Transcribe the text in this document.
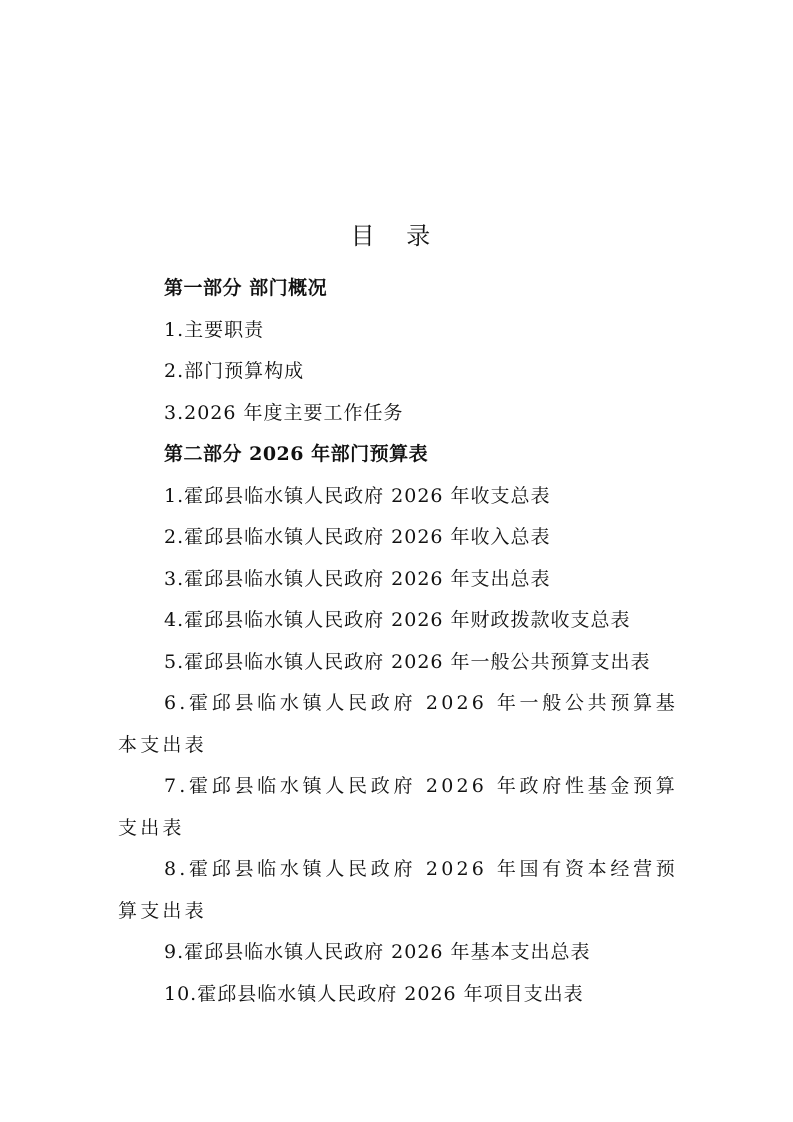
目 录
第一部分 部门概况
1.主要职责
2.部门预算构成
3.2026 年度主要工作任务
第二部分 2026 年部门预算表
1.霍邱县临水镇人民政府 2026 年收支总表
2.霍邱县临水镇人民政府 2026 年收入总表
3.霍邱县临水镇人民政府 2026 年支出总表
4.霍邱县临水镇人民政府 2026 年财政拨款收支总表
5.霍邱县临水镇人民政府 2026 年一般公共预算支出表
6.霍邱县临水镇人民政府 2026 年一般公共预算基本支出表
7.霍邱县临水镇人民政府 2026 年政府性基金预算支出表
8.霍邱县临水镇人民政府 2026 年国有资本经营预算支出表
9.霍邱县临水镇人民政府 2026 年基本支出总表
10.霍邱县临水镇人民政府 2026 年项目支出表
